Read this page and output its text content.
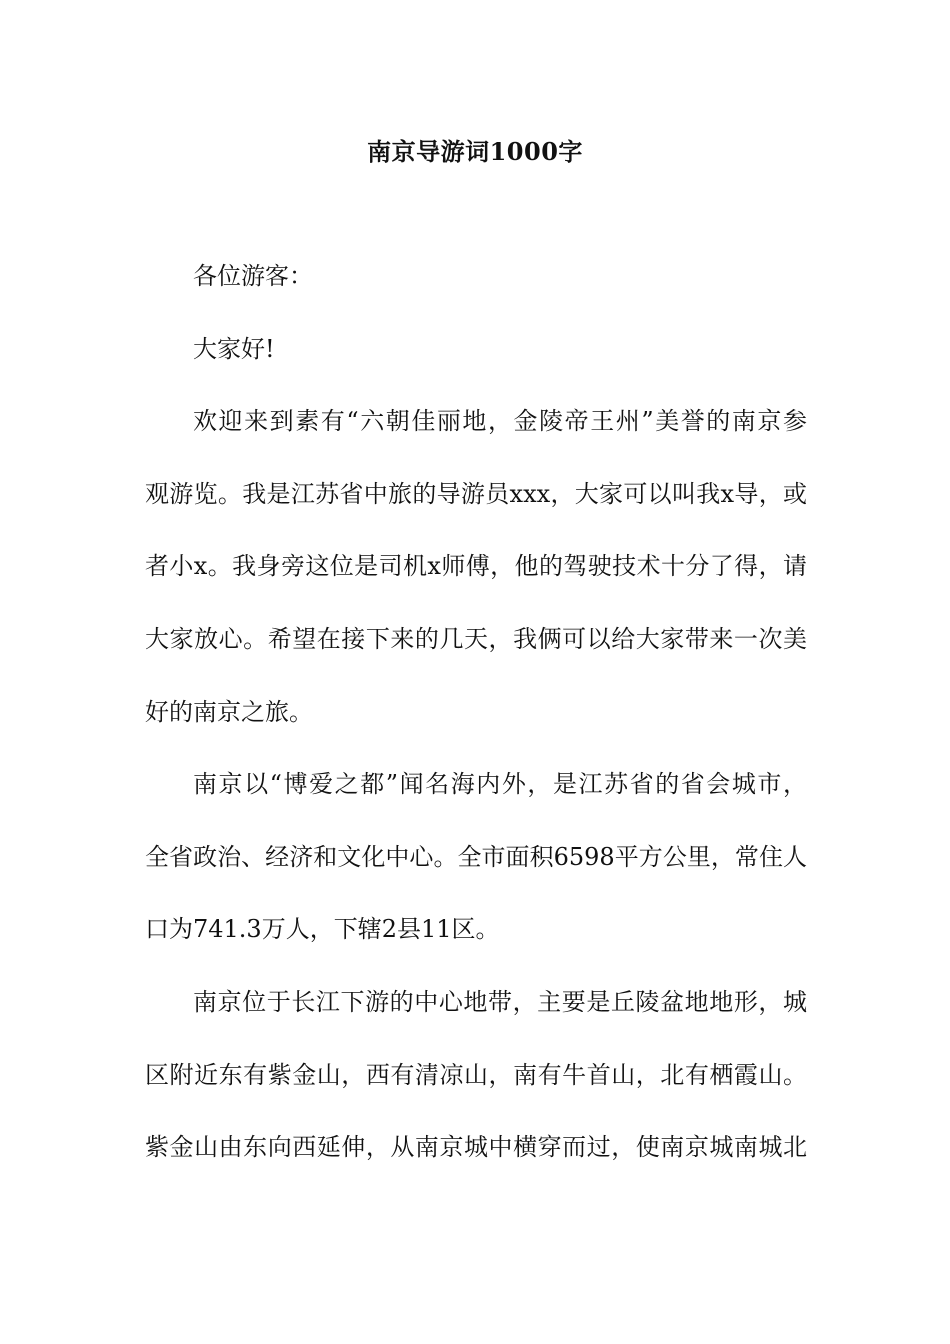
南京导游词1000字
各位游客：
大家好!
欢迎来到素有“六朝佳丽地，金陵帝王州”美誉的南京参
观游览。我是江苏省中旅的导游员xxx，大家可以叫我x导，或
者小x。我身旁这位是司机x师傅，他的驾驶技术十分了得，请
大家放心。希望在接下来的几天，我俩可以给大家带来一次美
好的南京之旅。
南京以“博爱之都”闻名海内外，是江苏省的省会城市，
全省政治、经济和文化中心。全市面积6598平方公里，常住人
口为741.3万人，下辖2县11区。
南京位于长江下游的中心地带，主要是丘陵盆地地形，城
区附近东有紫金山，西有清凉山，南有牛首山，北有栖霞山。
紫金山由东向西延伸，从南京城中横穿而过，使南京城南城北
